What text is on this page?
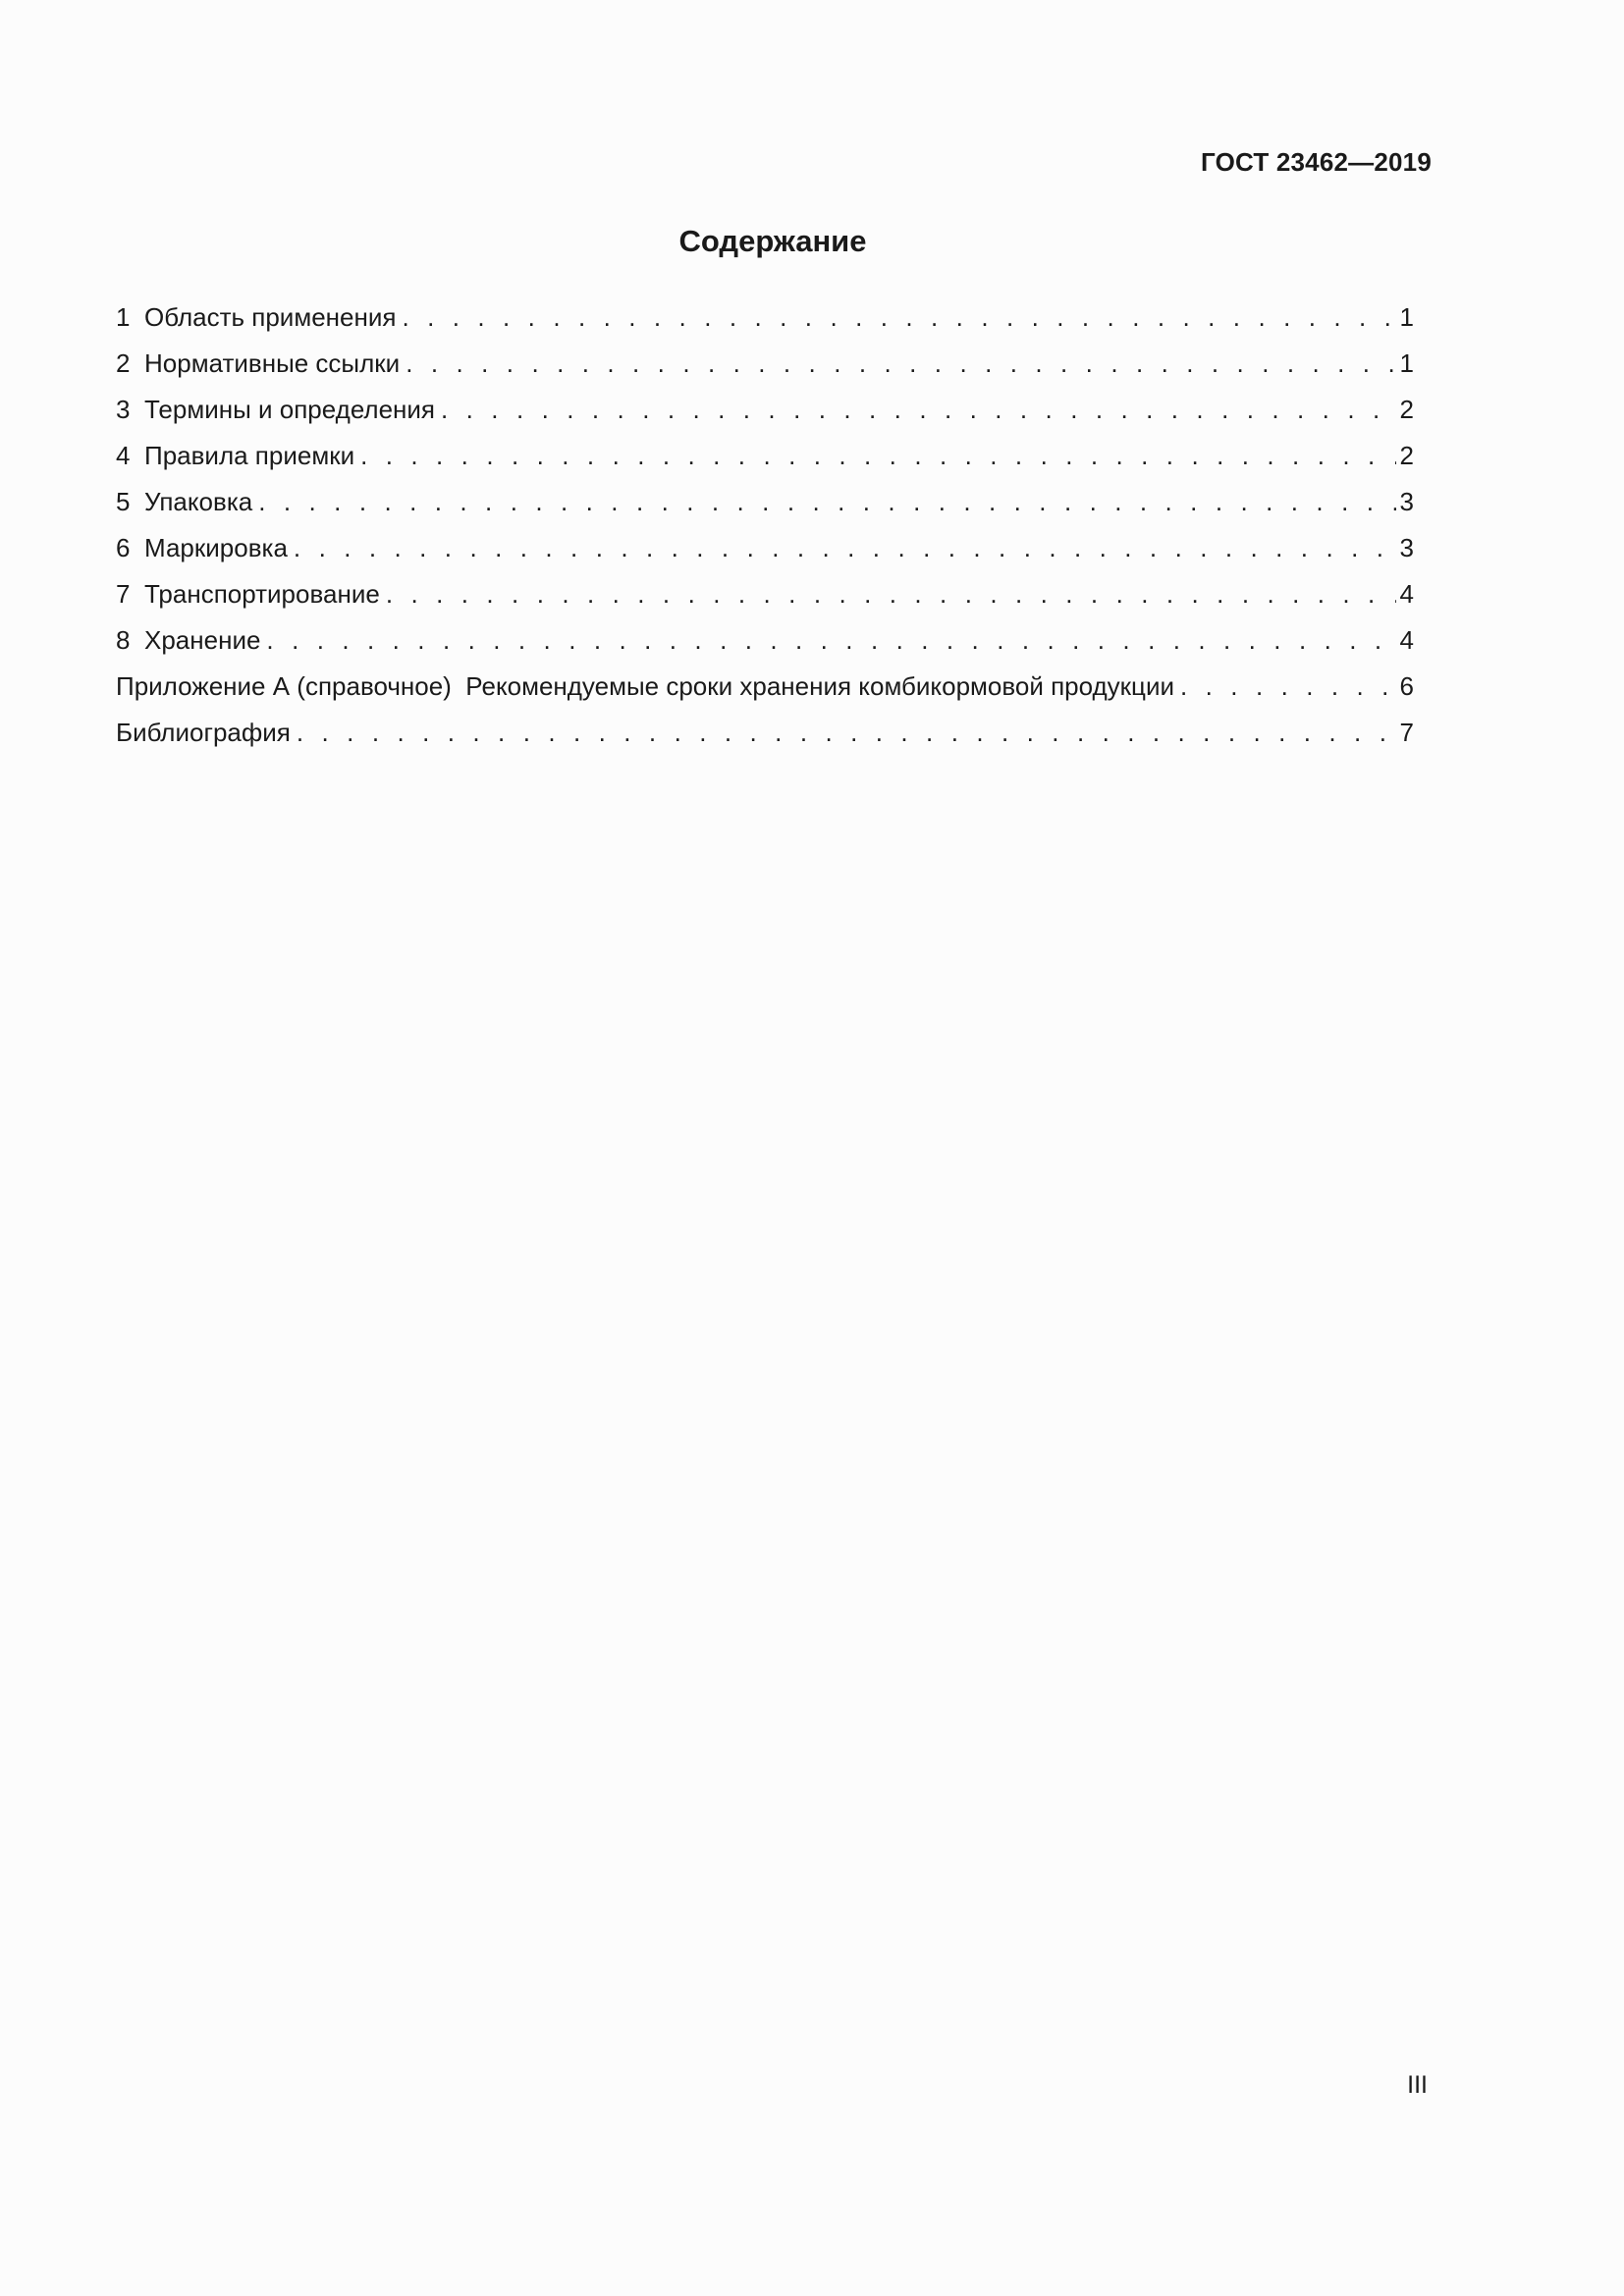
ГОСТ 23462—2019
Содержание
1 Область применения . . .	1
2 Нормативные ссылки . . .	1
3 Термины и определения . . .	2
4 Правила приемки . . .	2
5 Упаковка . . .	3
6 Маркировка . . .	3
7 Транспортирование . . .	4
8 Хранение . . .	4
Приложение А (справочное)  Рекомендуемые сроки хранения комбикормовой продукции . . .	6
Библиография . . .	7
III
